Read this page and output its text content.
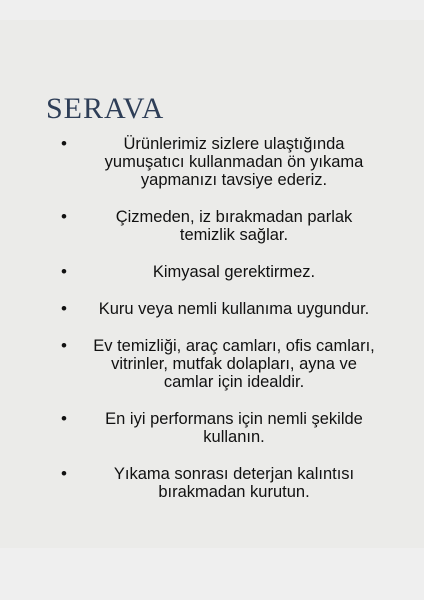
SERAVA
•	Ürünlerimiz sizlere ulaştığında
yumuşatıcı kullanmadan ön yıkama
yapmanızı tavsiye ederiz.
•	Çizmeden, iz bırakmadan parlak
temizlik sağlar.
•	Kimyasal gerektirmez.
•	Kuru veya nemli kullanıma uygundur.
•	Ev temizliği, araç camları, ofis camları,
vitrinler, mutfak dolapları, ayna ve
camlar için idealdir.
•	En iyi performans için nemli şekilde
kullanın.
•	Yıkama sonrası deterjan kalıntısı
bırakmadan kurutun.
